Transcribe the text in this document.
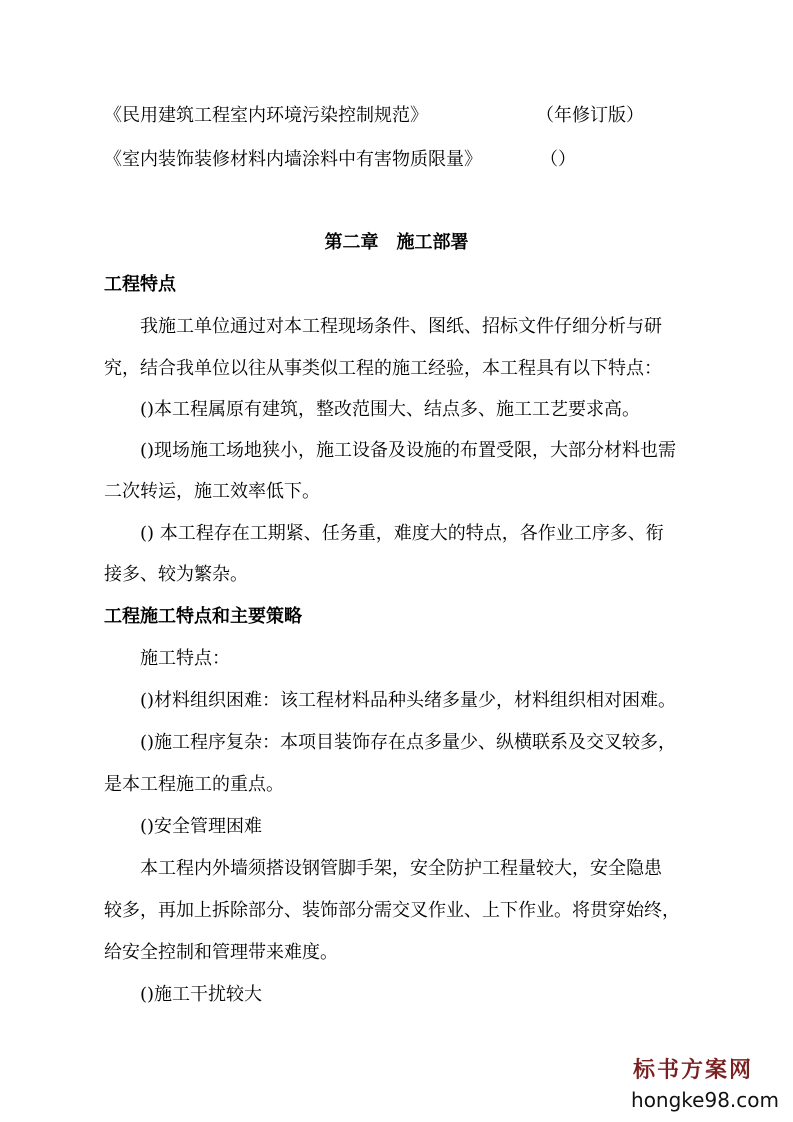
《民用建筑工程室内环境污染控制规范》	（年修订版）
《室内装饰装修材料内墙涂料中有害物质限量》	（）
第二章　施工部署
工程特点
我施工单位通过对本工程现场条件、图纸、招标文件仔细分析与研
究，结合我单位以往从事类似工程的施工经验，本工程具有以下特点：
()本工程属原有建筑，整改范围大、结点多、施工工艺要求高。
()现场施工场地狭小，施工设备及设施的布置受限，大部分材料也需
二次转运，施工效率低下。
() 本工程存在工期紧、任务重，难度大的特点，各作业工序多、衔
接多、较为繁杂。
工程施工特点和主要策略
施工特点：
()材料组织困难：该工程材料品种头绪多量少，材料组织相对困难。
()施工程序复杂：本项目装饰存在点多量少、纵横联系及交叉较多，
是本工程施工的重点。
()安全管理困难
本工程内外墙须搭设钢管脚手架，安全防护工程量较大，安全隐患
较多，再加上拆除部分、装饰部分需交叉作业、上下作业。将贯穿始终，
给安全控制和管理带来难度。
()施工干扰较大
标书方案网
hongke98.com
